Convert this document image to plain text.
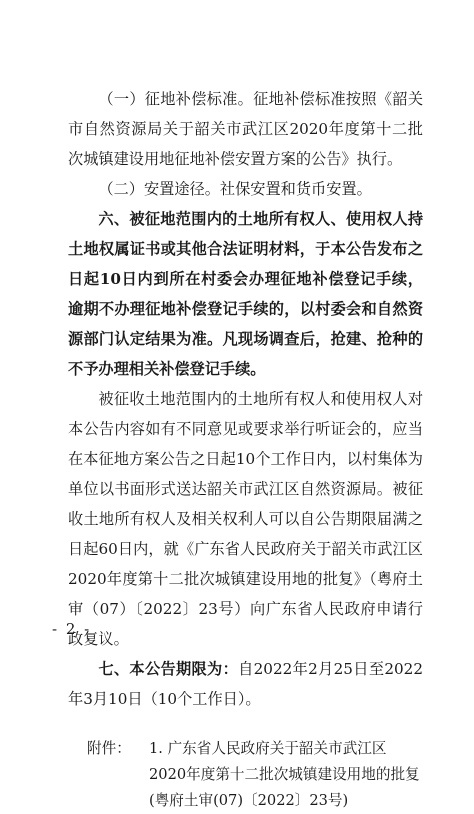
（一）征地补偿标准。征地补偿标准按照《韶关市自然资源局关于韶关市武江区2020年度第十二批次城镇建设用地征地补偿安置方案的公告》执行。

（二）安置途径。社保安置和货币安置。

六、被征地范围内的土地所有权人、使用权人持土地权属证书或其他合法证明材料，于本公告发布之日起10日内到所在村委会办理征地补偿登记手续，逾期不办理征地补偿登记手续的，以村委会和自然资源部门认定结果为准。凡现场调查后，抢建、抢种的不予办理相关补偿登记手续。

被征收土地范围内的土地所有权人和使用权人对本公告内容如有不同意见或要求举行听证会的，应当在本征地方案公告之日起10个工作日内，以村集体为单位以书面形式送达韶关市武江区自然资源局。被征收土地所有权人及相关权利人可以自公告期限届满之日起60日内，就《广东省人民政府关于韶关市武江区2020年度第十二批次城镇建设用地的批复》（粤府土审（07）〔2022〕23号）向广东省人民政府申请行政复议。

七、本公告期限为：自2022年2月25日至2022年3月10日（10个工作日）。

附件： 1. 广东省人民政府关于韶关市武江区2020年度第十二批次城镇建设用地的批复(粤府土审(07)〔2022〕23号)
- 2 -
